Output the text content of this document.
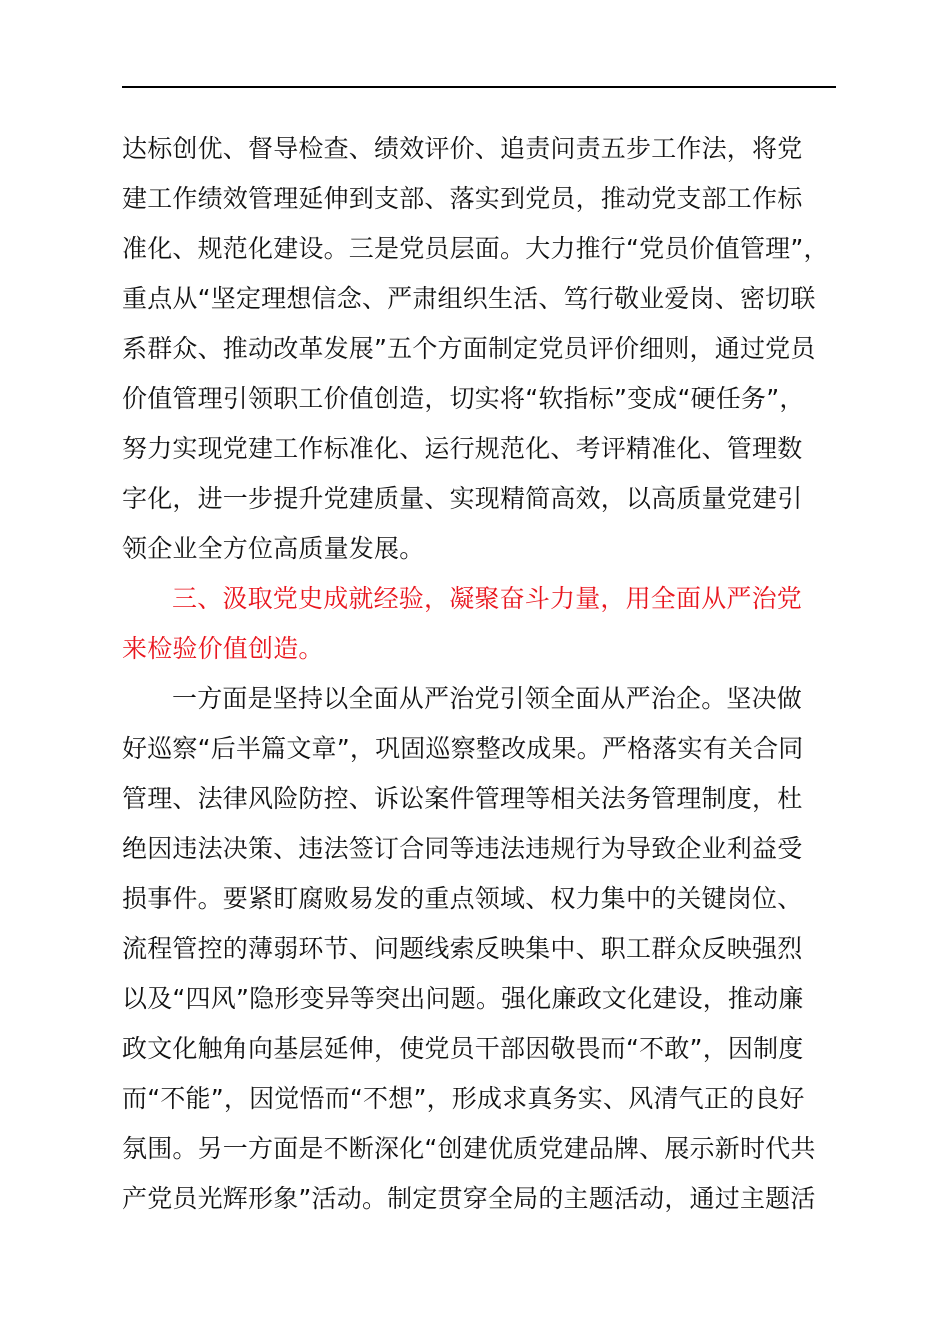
达标创优、督导检查、绩效评价、追责问责五步工作法，将党
建工作绩效管理延伸到支部、落实到党员，推动党支部工作标
准化、规范化建设。三是党员层面。大力推行“党员价值管理”，
重点从“坚定理想信念、严肃组织生活、笃行敬业爱岗、密切联
系群众、推动改革发展”五个方面制定党员评价细则，通过党员
价值管理引领职工价值创造，切实将“软指标”变成“硬任务”，
努力实现党建工作标准化、运行规范化、考评精准化、管理数
字化，进一步提升党建质量、实现精简高效，以高质量党建引
领企业全方位高质量发展。
三、汲取党史成就经验，凝聚奋斗力量，用全面从严治党
来检验价值创造。
一方面是坚持以全面从严治党引领全面从严治企。坚决做
好巡察“后半篇文章”，巩固巡察整改成果。严格落实有关合同
管理、法律风险防控、诉讼案件管理等相关法务管理制度，杜
绝因违法决策、违法签订合同等违法违规行为导致企业利益受
损事件。要紧盯腐败易发的重点领域、权力集中的关键岗位、
流程管控的薄弱环节、问题线索反映集中、职工群众反映强烈
以及“四风”隐形变异等突出问题。强化廉政文化建设，推动廉
政文化触角向基层延伸，使党员干部因敬畏而“不敢”，因制度
而“不能”，因觉悟而“不想”，形成求真务实、风清气正的良好
氛围。另一方面是不断深化“创建优质党建品牌、展示新时代共
产党员光辉形象”活动。制定贯穿全局的主题活动，通过主题活
